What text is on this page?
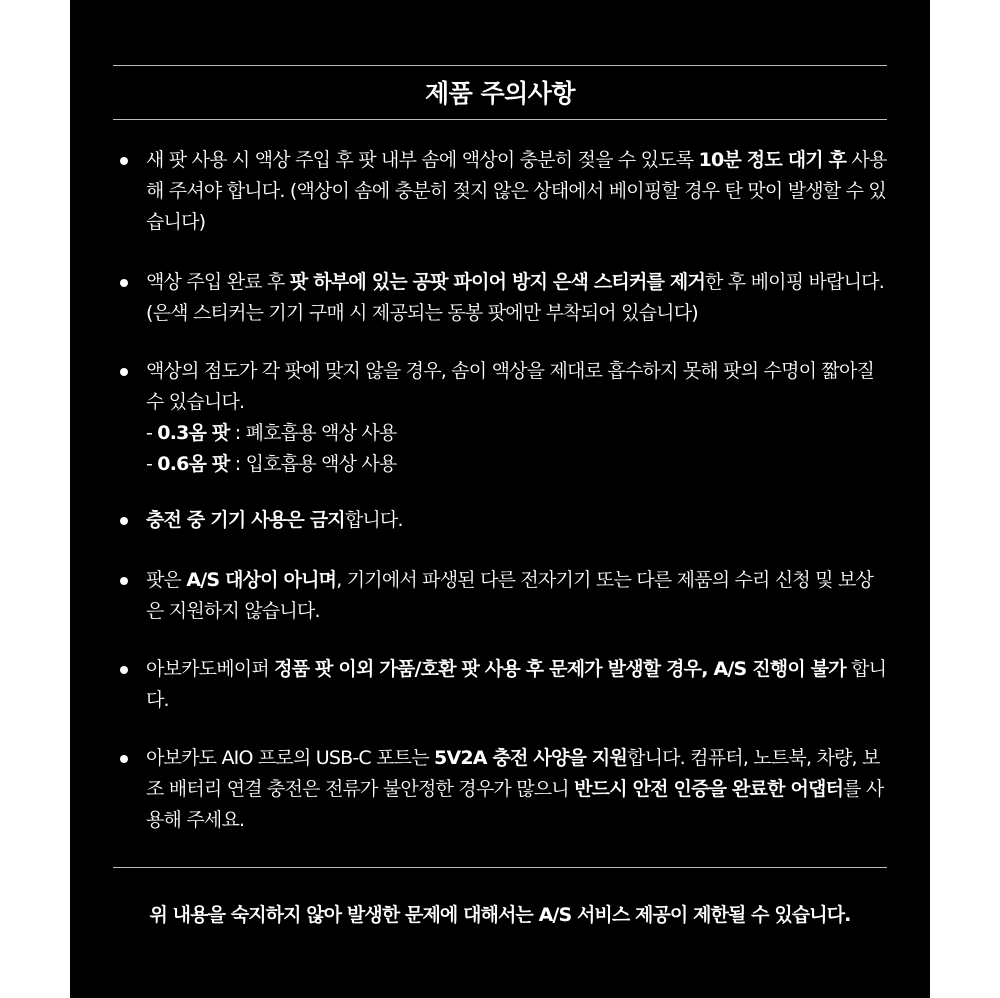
제품 주의사항
새 팟 사용 시 액상 주입 후 팟 내부 솜에 액상이 충분히 젖을 수 있도록 10분 정도 대기 후 사용해 주셔야 합니다. (액상이 솜에 충분히 젖지 않은 상태에서 베이핑할 경우 탄 맛이 발생할 수 있습니다)
액상 주입 완료 후 팟 하부에 있는 공팟 파이어 방지 은색 스티커를 제거한 후 베이핑 바랍니다. (은색 스티커는 기기 구매 시 제공되는 동봉 팟에만 부착되어 있습니다)
액상의 점도가 각 팟에 맞지 않을 경우, 솜이 액상을 제대로 흡수하지 못해 팟의 수명이 짧아질 수 있습니다.
- 0.3옴 팟 : 폐호흡용 액상 사용
- 0.6옴 팟 : 입호흡용 액상 사용
충전 중 기기 사용은 금지합니다.
팟은 A/S 대상이 아니며, 기기에서 파생된 다른 전자기기 또는 다른 제품의 수리 신청 및 보상은 지원하지 않습니다.
아보카도베이퍼 정품 팟 이외 가품/호환 팟 사용 후 문제가 발생할 경우, A/S 진행이 불가 합니다.
아보카도 AIO 프로의 USB-C 포트는 5V2A 충전 사양을 지원합니다. 컴퓨터, 노트북, 차량, 보조 배터리 연결 충전은 전류가 불안정한 경우가 많으니 반드시 안전 인증을 완료한 어댑터를 사용해 주세요.
위 내용을 숙지하지 않아 발생한 문제에 대해서는 A/S 서비스 제공이 제한될 수 있습니다.
